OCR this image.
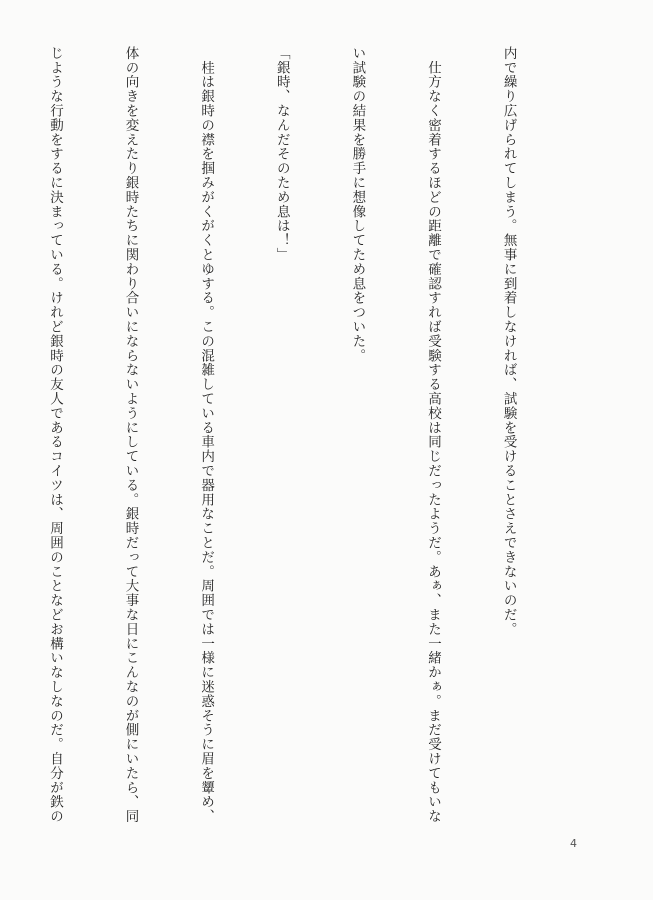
内で繰り広げられてしまう。無事に到着しなければ、試験を受けることさえできないのだ。

　仕方なく密着するほどの距離で確認すれば受験する高校は同じだったようだ。あぁ、また一緒かぁ。まだ受けてもいな

い試験の結果を勝手に想像してため息をついた。

「銀時、なんだそのため息は！」

　桂は銀時の襟を掴みがくがくとゆする。この混雑している車内で器用なことだ。周囲では一様に迷惑そうに眉を顰め、

体の向きを変えたり銀時たちに関わり合いにならないようにしている。銀時だって大事な日にこんなのが側にいたら、同

じような行動をするに決まっている。けれど銀時の友人であるコイツは、周囲のことなどお構いなしなのだ。自分が鉄の

4
